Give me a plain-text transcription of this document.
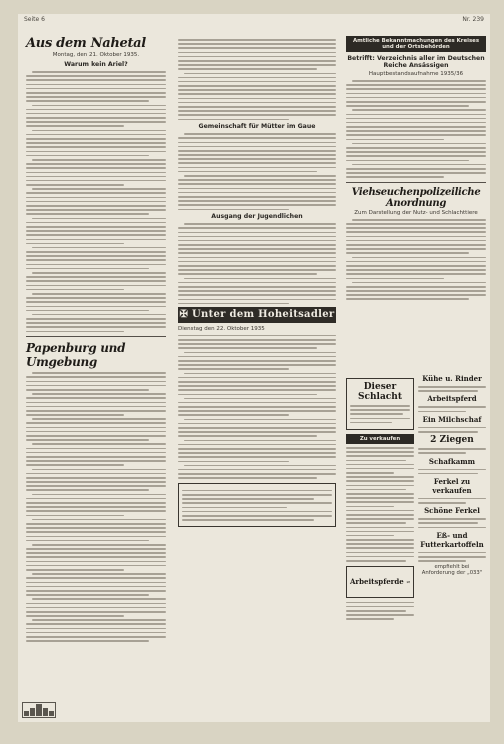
Seite 6	Nr. 239
Aus dem Nahetal
Montag, den 21. Oktober 1935.
Warum kein Ariel?
Papenburg und Umgebung
Gemeinschaft für Mütter im Gaue
Ausgang der Jugendlichen
✠ Unter dem Hoheitsadler
Dienstag den 22. Oktober 1935
Amtliche Bekanntmachungen des Kreises und der Ortsbehörden
Betrifft: Verzeichnis aller im Deutschen Reiche Ansässigen
Hauptbestandsaufnahme 1935/36
Viehseuchenpolizeiliche Anordnung
Zum Darstellung der Nutz- und Schlachttiere
Dieser Schlacht
Zu verkaufen
Arbeitspferde
Kühe u. Rinder
Arbeitspferd
Ein Milchschaf
2 Ziegen
Schafkamm
Ferkel zu verkaufen
Schöne Ferkel
Eß- und Futterkartoffeln
empfiehlt bei Anforderung der „033"
